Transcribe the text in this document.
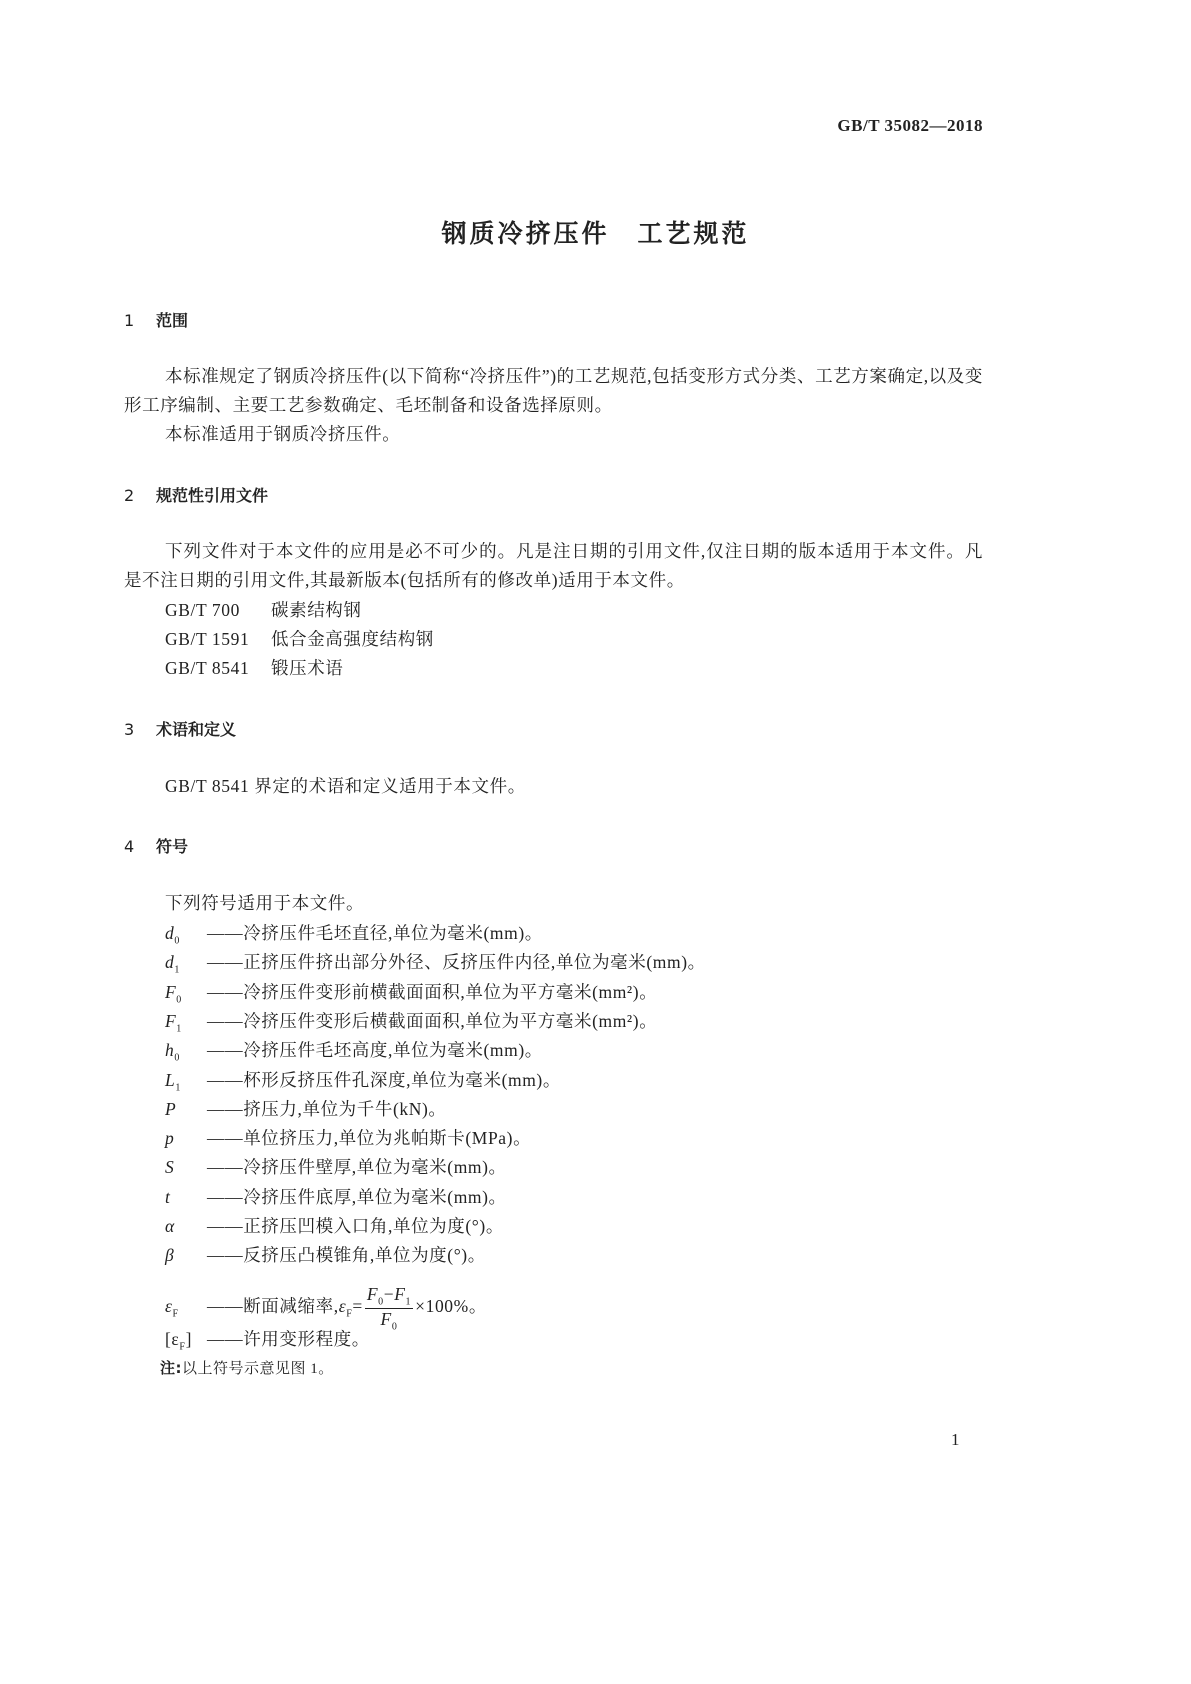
GB/T 35082—2018
钢质冷挤压件　工艺规范
1 范围
本标准规定了钢质冷挤压件(以下简称“冷挤压件”)的工艺规范,包括变形方式分类、工艺方案确定,以及变形工序编制、主要工艺参数确定、毛坯制备和设备选择原则。
本标准适用于钢质冷挤压件。
2 规范性引用文件
下列文件对于本文件的应用是必不可少的。凡是注日期的引用文件,仅注日期的版本适用于本文件。凡是不注日期的引用文件,其最新版本(包括所有的修改单)适用于本文件。
GB/T 700 碳素结构钢
GB/T 1591 低合金高强度结构钢
GB/T 8541 锻压术语
3 术语和定义
GB/T 8541 界定的术语和定义适用于本文件。
4 符号
下列符号适用于本文件。
$d_0$ ——冷挤压件毛坯直径,单位为毫米(mm)。
$d_1$ ——正挤压件挤出部分外径、反挤压件内径,单位为毫米(mm)。
$F_0$ ——冷挤压件变形前横截面面积,单位为平方毫米(mm²)。
$F_1$ ——冷挤压件变形后横截面面积,单位为平方毫米(mm²)。
$h_0$ ——冷挤压件毛坯高度,单位为毫米(mm)。
$L_1$ ——杯形反挤压件孔深度,单位为毫米(mm)。
P ——挤压力,单位为千牛(kN)。
p ——单位挤压力,单位为兆帕斯卡(MPa)。
S ——冷挤压件壁厚,单位为毫米(mm)。
t ——冷挤压件底厚,单位为毫米(mm)。
α ——正挤压凹模入口角,单位为度(°)。
β ——反挤压凸模锥角,单位为度(°)。
$\varepsilon_F$ ——断面减缩率$,\varepsilon_F= \frac{F_0-F_1}{F_0} \times 100\%$。
$[\varepsilon_F]$ ——许用变形程度。
注:以上符号示意见图 1。
1
